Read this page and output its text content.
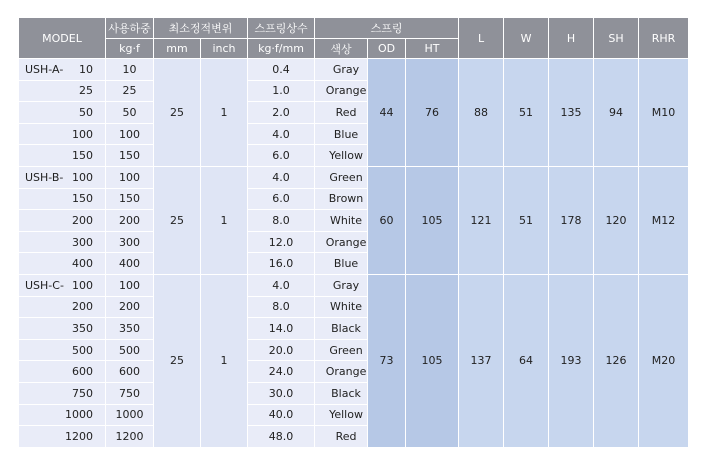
MODEL	사용하중	최소정적변위		스프링상수	스프링			L	W	H	SH	RHR
	kg·f	mm	inch	kg·f/mm	색상	OD	HT					

USH-A- 10	10	25	1	0.4	Gray	44	76	88	51	135	94	M10

25	25			1.0	Orange							

50	50			2.0	Red							

100	100			4.0	Blue							

150	150			6.0	Yellow							

USH-B- 100	100	25	1	4.0	Green	60	105	121	51	178	120	M12

150	150			6.0	Brown							

200	200			8.0	White							

300	300			12.0	Orange							

400	400			16.0	Blue							

USH-C- 100	100	25	1	4.0	Gray	73	105	137	64	193	126	M20

200	200			8.0	White							

350	350			14.0	Black							

500	500			20.0	Green							

600	600			24.0	Orange							

750	750			30.0	Black							

1000	1000			40.0	Yellow							

1200	1200			48.0	Red							
